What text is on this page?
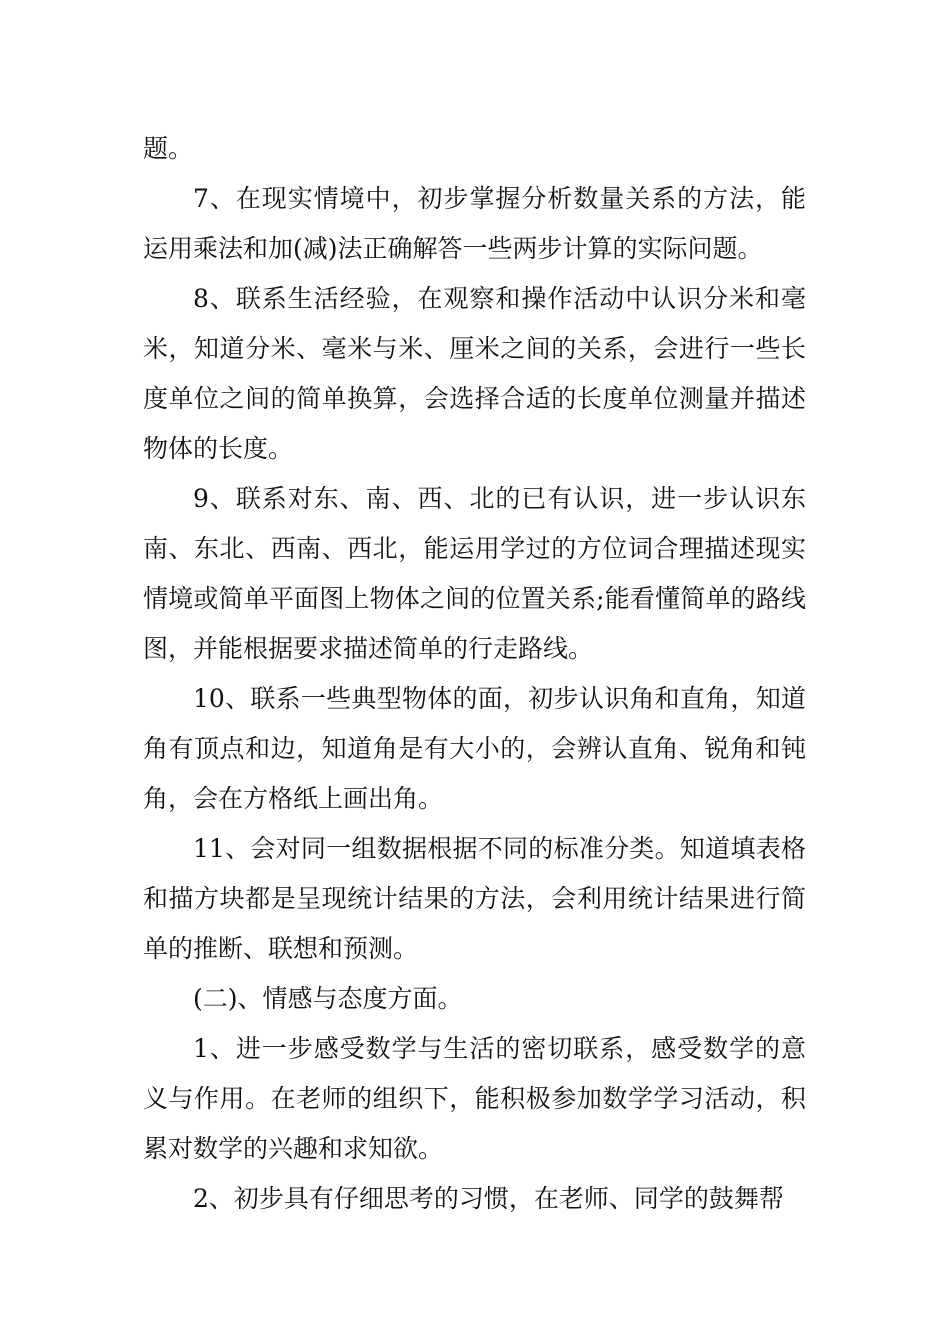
题。

7、在现实情境中，初步掌握分析数量关系的方法，能运用乘法和加(减)法正确解答一些两步计算的实际问题。

8、联系生活经验，在观察和操作活动中认识分米和毫米，知道分米、毫米与米、厘米之间的关系，会进行一些长度单位之间的简单换算，会选择合适的长度单位测量并描述物体的长度。

9、联系对东、南、西、北的已有认识，进一步认识东南、东北、西南、西北，能运用学过的方位词合理描述现实情境或简单平面图上物体之间的位置关系;能看懂简单的路线图，并能根据要求描述简单的行走路线。

10、联系一些典型物体的面，初步认识角和直角，知道角有顶点和边，知道角是有大小的，会辨认直角、锐角和钝角，会在方格纸上画出角。

11、会对同一组数据根据不同的标准分类。知道填表格和描方块都是呈现统计结果的方法，会利用统计结果进行简单的推断、联想和预测。

(二)、情感与态度方面。

1、进一步感受数学与生活的密切联系，感受数学的意义与作用。在老师的组织下，能积极参加数学学习活动，积累对数学的兴趣和求知欲。

2、初步具有仔细思考的习惯，在老师、同学的鼓舞帮
